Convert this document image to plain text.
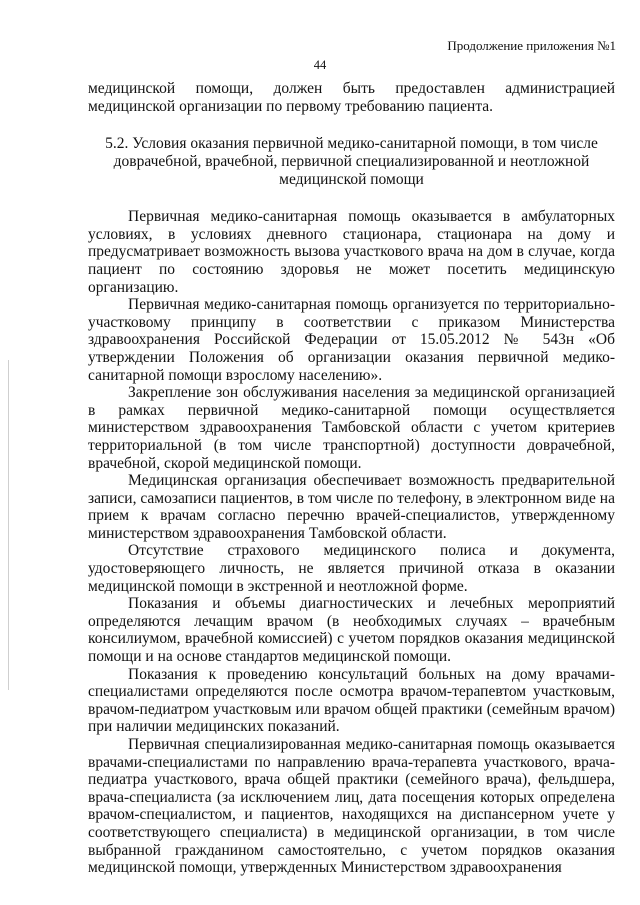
Продолжение приложения №1
44

медицинской помощи, должен быть предоставлен администрацией медицинской организации по первому требованию пациента.

5.2. Условия оказания первичной медико-санитарной помощи, в том числе доврачебной, врачебной, первичной специализированной и неотложной медицинской помощи

Первичная медико-санитарная помощь оказывается в амбулаторных условиях, в условиях дневного стационара, стационара на дому и предусматривает возможность вызова участкового врача на дом в случае, когда пациент по состоянию здоровья не может посетить медицинскую организацию.

Первичная медико-санитарная помощь организуется по территориально-участковому принципу в соответствии с приказом Министерства здравоохранения Российской Федерации от 15.05.2012 № 543н «Об утверждении Положения об организации оказания первичной медико-санитарной помощи взрослому населению».

Закрепление зон обслуживания населения за медицинской организацией в рамках первичной медико-санитарной помощи осуществляется министерством здравоохранения Тамбовской области с учетом критериев территориальной (в том числе транспортной) доступности доврачебной, врачебной, скорой медицинской помощи.

Медицинская организация обеспечивает возможность предварительной записи, самозаписи пациентов, в том числе по телефону, в электронном виде на прием к врачам согласно перечню врачей-специалистов, утвержденному министерством здравоохранения Тамбовской области.

Отсутствие страхового медицинского полиса и документа, удостоверяющего личность, не является причиной отказа в оказании медицинской помощи в экстренной и неотложной форме.

Показания и объемы диагностических и лечебных мероприятий определяются лечащим врачом (в необходимых случаях – врачебным консилиумом, врачебной комиссией) с учетом порядков оказания медицинской помощи и на основе стандартов медицинской помощи.

Показания к проведению консультаций больных на дому врачами-специалистами определяются после осмотра врачом-терапевтом участковым, врачом-педиатром участковым или врачом общей практики (семейным врачом) при наличии медицинских показаний.

Первичная специализированная медико-санитарная помощь оказывается врачами-специалистами по направлению врача-терапевта участкового, врача-педиатра участкового, врача общей практики (семейного врача), фельдшера, врача-специалиста (за исключением лиц, дата посещения которых определена врачом-специалистом, и пациентов, находящихся на диспансерном учете у соответствующего специалиста) в медицинской организации, в том числе выбранной гражданином самостоятельно, с учетом порядков оказания медицинской помощи, утвержденных Министерством здравоохранения
